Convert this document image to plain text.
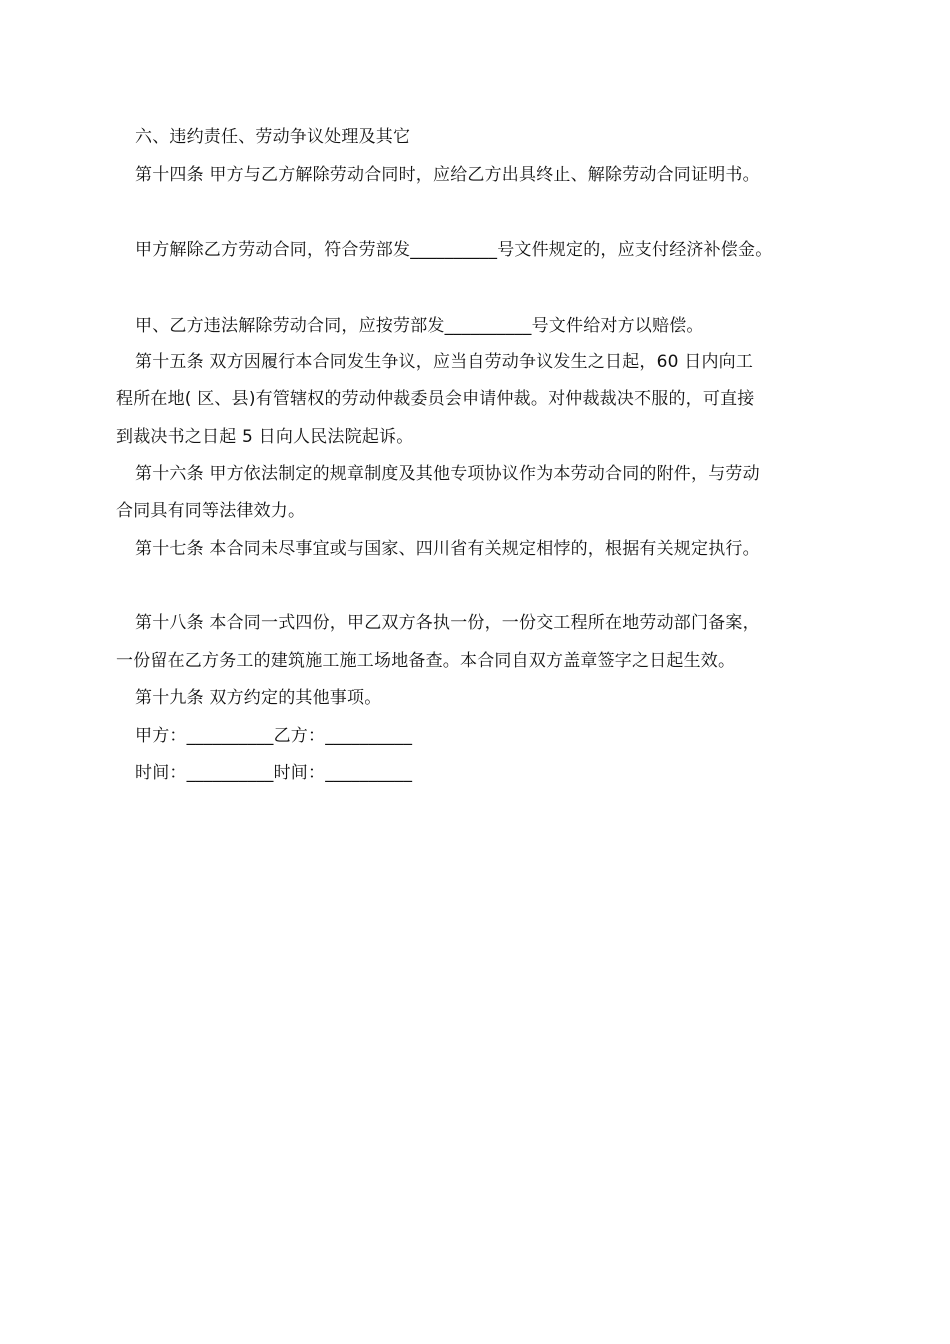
六、违约责任、劳动争议处理及其它
第十四条 甲方与乙方解除劳动合同时，应给乙方出具终止、解除劳动合同证明书。
甲方解除乙方劳动合同，符合劳部发__________号文件规定的，应支付经济补偿金。
甲、乙方违法解除劳动合同，应按劳部发__________号文件给对方以赔偿。
第十五条 双方因履行本合同发生争议，应当自劳动争议发生之日起，60 日内向工
程所在地( 区、县)有管辖权的劳动仲裁委员会申请仲裁。对仲裁裁决不服的，可直接
到裁决书之日起 5 日向人民法院起诉。
第十六条 甲方依法制定的规章制度及其他专项协议作为本劳动合同的附件，与劳动
合同具有同等法律效力。
第十七条 本合同未尽事宜或与国家、四川省有关规定相悖的，根据有关规定执行。
第十八条 本合同一式四份，甲乙双方各执一份，一份交工程所在地劳动部门备案，
一份留在乙方务工的建筑施工施工场地备查。本合同自双方盖章签字之日起生效。
第十九条 双方约定的其他事项。
甲方：__________乙方：__________
时间：__________时间：__________
